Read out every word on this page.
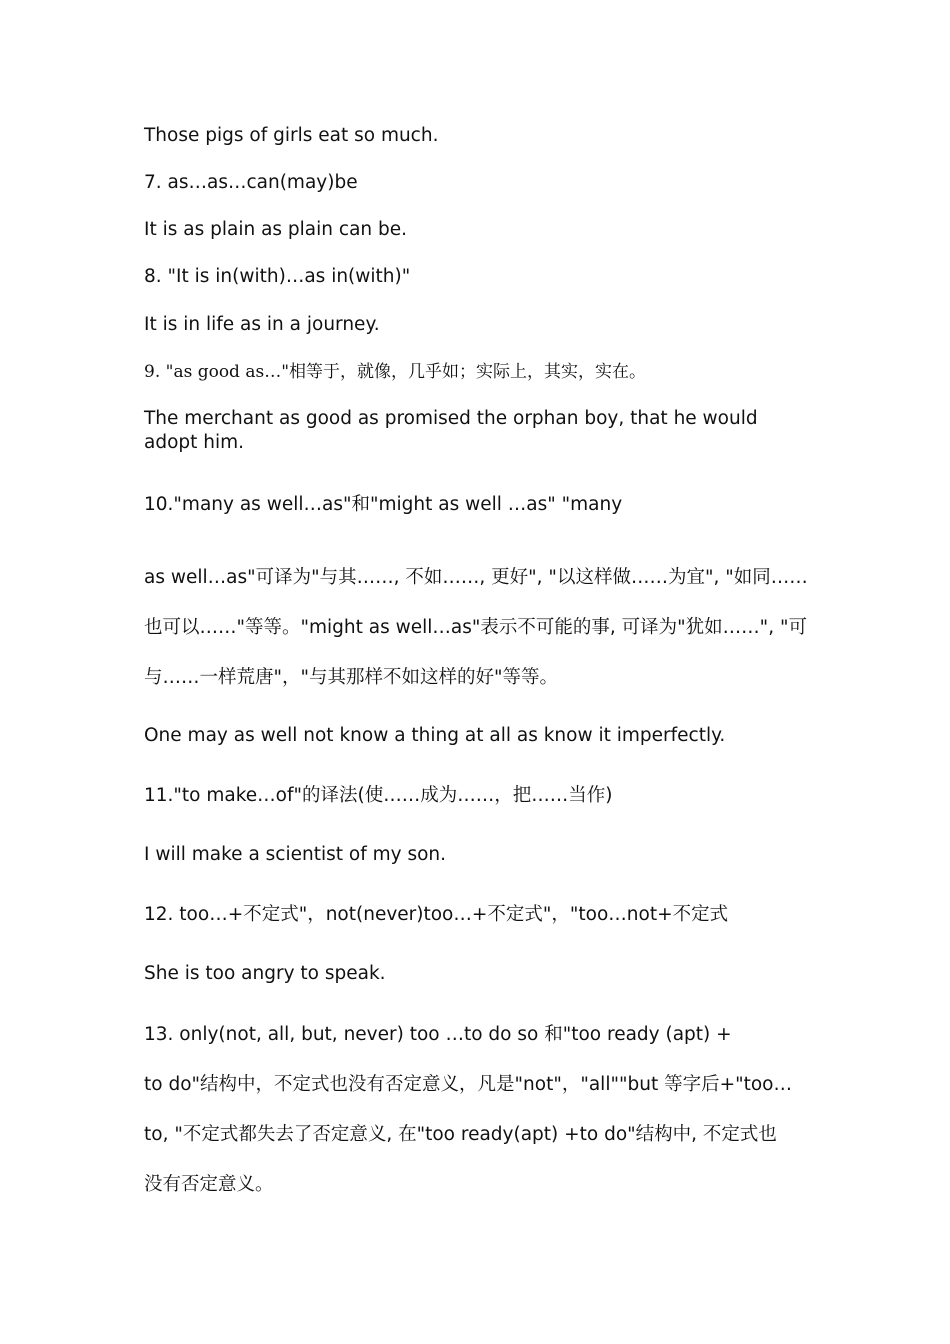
Those pigs of girls eat so much.
7. as…as…can(may)be
It is as plain as plain can be.
8. "It is in(with)…as in(with)"
It is in life as in a journey.
9. "as good as…"相等于，就像，几乎如；实际上，其实，实在。
The merchant as good as promised the orphan boy, that he would adopt him.
10."many as well…as"和"might as well …as" "many
as well…as"可译为"与其……, 不如……, 更好", "以这样做……为宜", "如同……
也可以……"等等。"might as well…as"表示不可能的事, 可译为"犹如……", "可
与……一样荒唐"，"与其那样不如这样的好"等等。
One may as well not know a thing at all as know it imperfectly.
11."to make…of"的译法(使……成为……，把……当作)
I will make a scientist of my son.
12. too…+不定式"，not(never)too…+不定式"，"too…not+不定式
She is too angry to speak.
13. only(not, all, but, never) too …to do so 和"too ready (apt) +
to do"结构中，不定式也没有否定意义，凡是"not"，"all""but 等字后+"too…
to, "不定式都失去了否定意义, 在"too ready(apt) +to do"结构中, 不定式也
没有否定意义。
